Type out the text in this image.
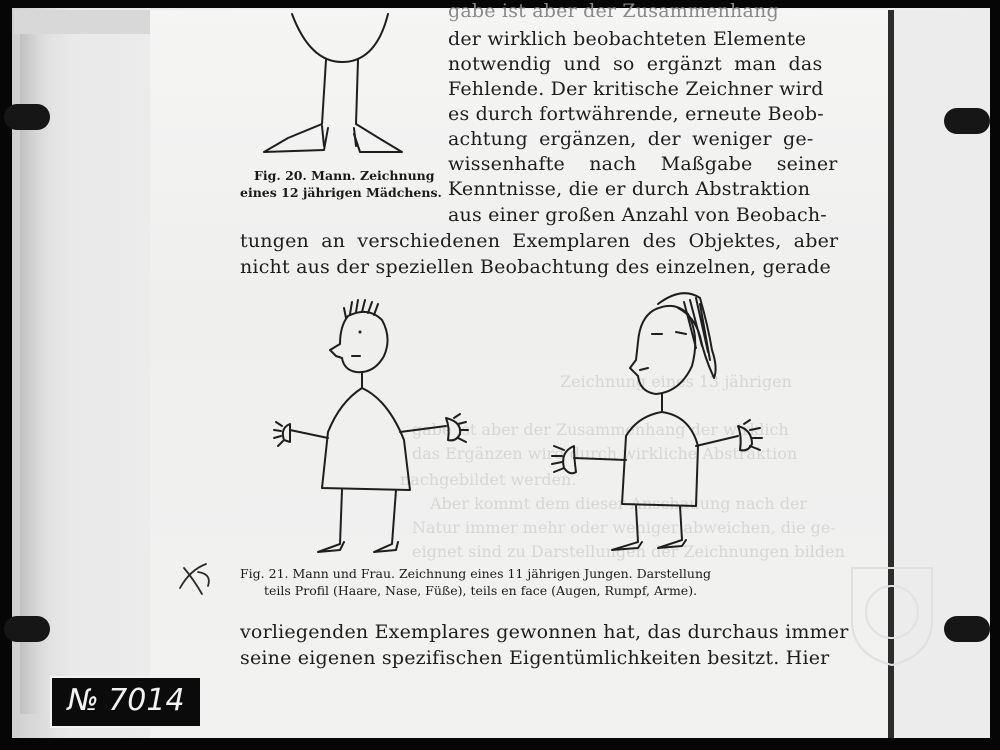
gabe ist aber der Zusammenhang
der wirklich beobachteten Elemente
notwendig und so ergänzt man das
Fehlende. Der kritische Zeichner wird
es durch fortwährende, erneute Beob-
achtung ergänzen, der weniger ge-
wissenhafte nach Maßgabe seiner
Kenntnisse, die er durch Abstraktion
aus einer großen Anzahl von Beobach-
tungen an verschiedenen Exemplaren des Objektes, aber
nicht aus der speziellen Beobachtung des einzelnen, gerade
Fig. 20. Mann. Zeichnung
eines 12 jährigen Mädchens.
Zeichnung eines 13 jährigen
gabe ist aber der Zusammenhang der wirklich
das Ergänzen wird durch wirkliche Abstraktion
nachgebildet werden.
Aber kommt dem dieser Anschauung nach der
Natur immer mehr oder weniger abweichen, die ge-
eignet sind zu Darstellungen der Zeichnungen bilden
Fig. 21. Mann und Frau. Zeichnung eines 11 jährigen Jungen. Darstellung
teils Profil (Haare, Nase, Füße), teils en face (Augen, Rumpf, Arme).
vorliegenden Exemplares gewonnen hat, das durchaus immer
seine eigenen spezifischen Eigentümlichkeiten besitzt. Hier
№ 7014
